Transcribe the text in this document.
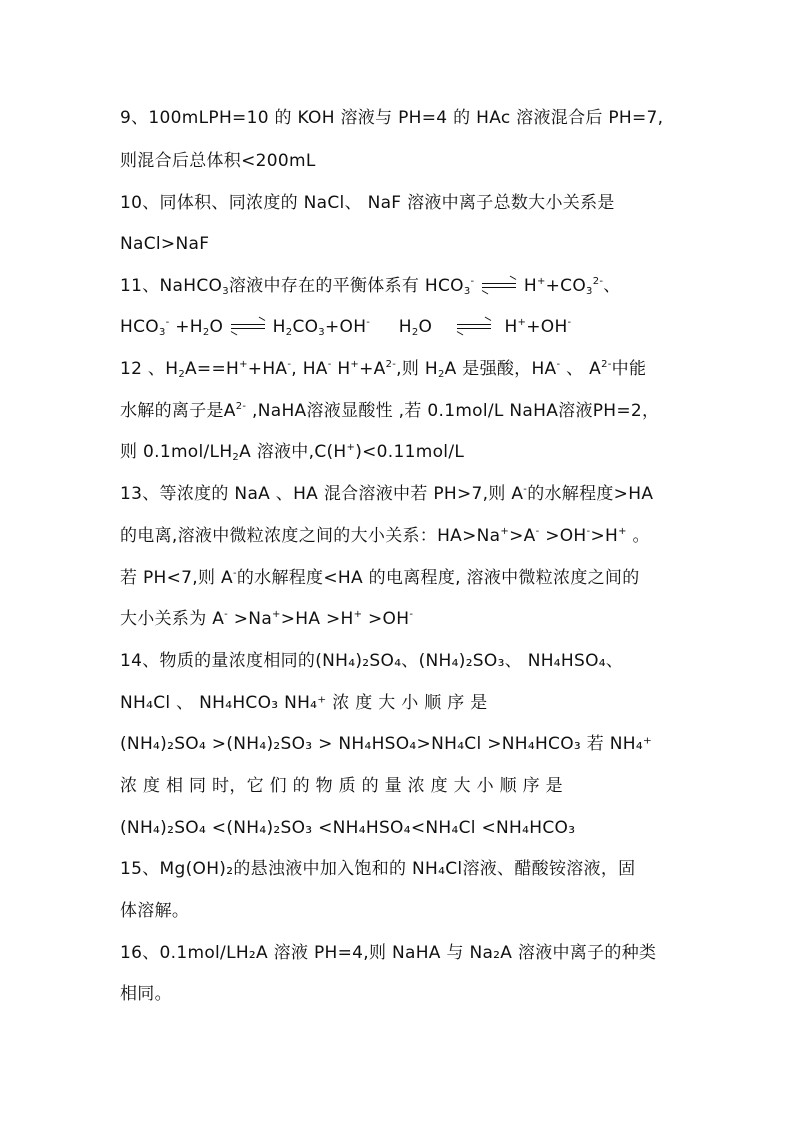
9、100mLPH=10 的 KOH 溶液与 PH=4 的 HAc 溶液混合后 PH=7,
则混合后总体积<200mL
10、同体积、同浓度的 NaCl、 NaF 溶液中离子总数大小关系是
NaCl>NaF
11、NaHCO$_3$溶液中存在的平衡体系有 $HCO_3^-$	$H^++CO_3^{2-}$、
$HCO_3^- +H_2O$	$H_2CO_3+OH^-$ $H_2O$	H++OH-
12 、$H_2A==H^++HA^-$, HA- $H^++A^{2-}$,则 $H_2A$ 是强酸，HA- 、 $A^{2-}$中能
水解的离子是$A^{2-}$ ,NaHA溶液显酸性 ,若 0.1mol/L NaHA溶液PH=2，
则 $0.1mol/LH_2A$ 溶液中,C(H+)<0.11mol/L
13、等浓度的 NaA 、HA 混合溶液中若 PH>7,则 A-的水解程度>HA
的电离,溶液中微粒浓度之间的大小关系：HA>Na+>A- >OH->H+ 。
若 PH<7,则 A-的水解程度<HA 的电离程度, 溶液中微粒浓度之间的
大小关系为 A- >Na+>HA >H+ >OH-
14、物质的量浓度相同的(NH₄)₂SO₄、(NH₄)₂SO₃、 NH₄HSO₄、
NH₄Cl 、 NH₄HCO₃ NH₄⁺ 浓 度 大 小 顺 序 是
(NH₄)₂SO₄ >(NH₄)₂SO₃ > NH₄HSO₄>NH₄Cl >NH₄HCO₃ 若 NH₄⁺
浓 度 相 同 时，它 们 的 物 质 的 量 浓 度 大 小 顺 序 是
(NH₄)₂SO₄ <(NH₄)₂SO₃ <NH₄HSO₄<NH₄Cl <NH₄HCO₃
15、Mg(OH)₂的悬浊液中加入饱和的 NH₄Cl溶液、醋酸铵溶液，固
体溶解。
16、0.1mol/LH₂A 溶液 PH=4,则 NaHA 与 Na₂A 溶液中离子的种类
相同。
